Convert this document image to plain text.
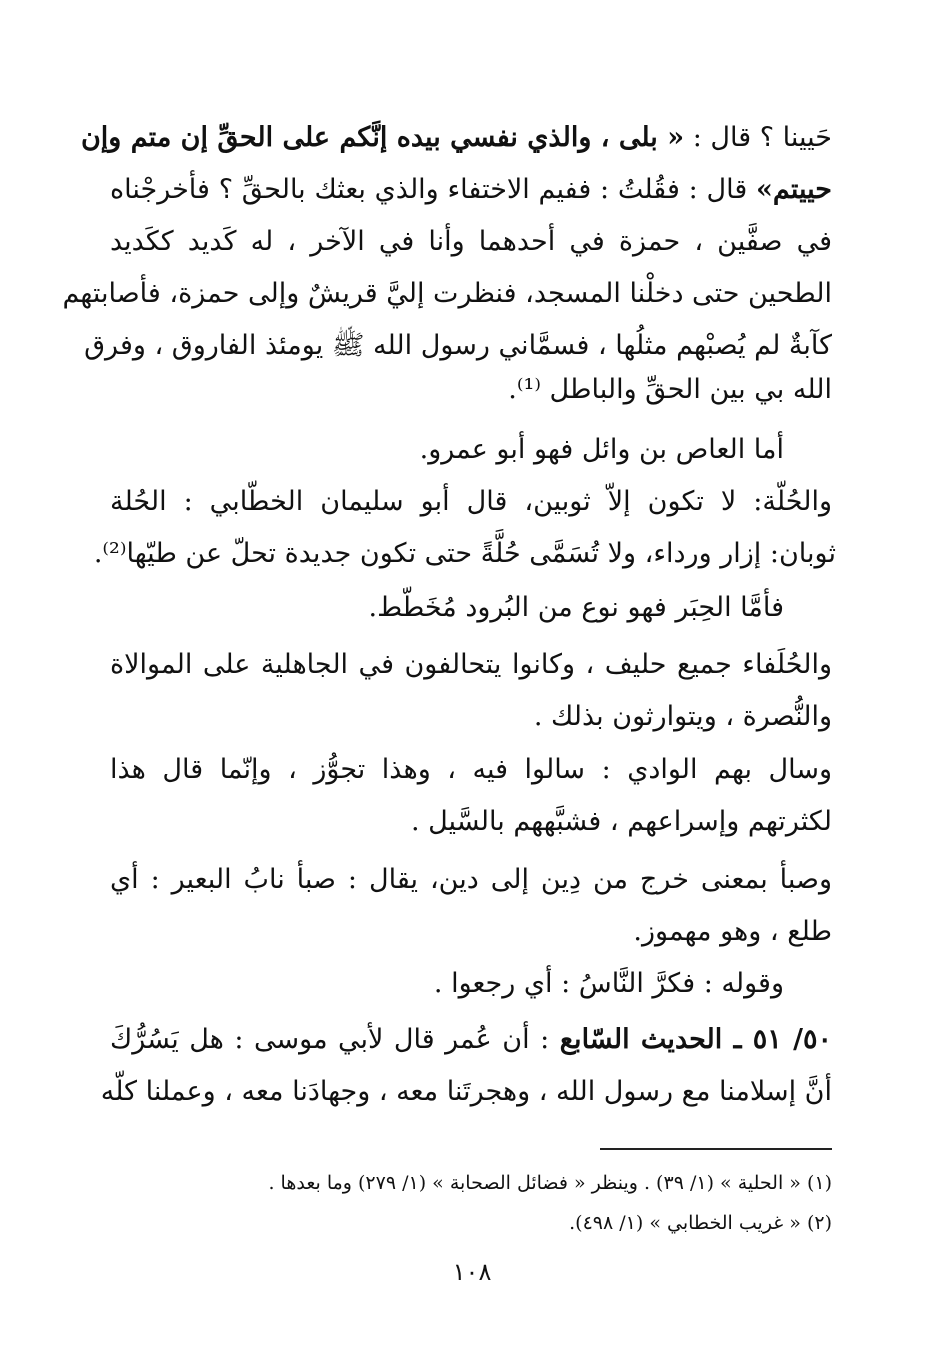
حَيينا ؟ قال : « بلى ، والذي نفسي بيده إنَّكم على الحقِّ إن متم وإن
حييتم» قال : فقُلتُ : ففيم الاختفاء والذي بعثك بالحقِّ ؟ فأخرجْناه
في صفَّين ، حمزة في أحدهما وأنا في الآخر ، له كَديد ككَديد
الطحين حتى دخلْنا المسجد، فنظرت إليَّ قريشٌ وإلى حمزة، فأصابتهم
كآبةٌ لم يُصبْهم مثلُها ، فسمَّاني رسول الله ﷺ يومئذ الفاروق ، وفرق
الله بي بين الحقِّ والباطل ⁽¹⁾.
أما العاص بن وائل فهو أبو عمرو.
والحُلّة: لا تكون إلاّ ثوبين، قال أبو سليمان الخطّابي : الحُلة
ثوبان: إزار ورداء، ولا تُسَمَّى حُلَّةً حتى تكون جديدة تحلّ عن طيّها⁽²⁾.
فأمَّا الحِبَر فهو نوع من البُرود مُخَطّط.
والحُلَفاء جميع حليف ، وكانوا يتحالفون في الجاهلية على الموالاة
والنُّصرة ، ويتوارثون بذلك .
وسال بهم الوادي : سالوا فيه ، وهذا تجوُّز ، وإنّما قال هذا
لكثرتهم وإسراعهم ، فشبَّههم بالسَّيل .
وصبأ بمعنى خرج من دِين إلى دين، يقال : صبأ نابُ البعير : أي
طلع ، وهو مهموز.
وقوله : فكرَّ النَّاسُ : أي رجعوا .
٥٠/ ٥١ ـ الحديث السّابع : أن عُمر قال لأبي موسى : هل يَسُرُّكَ
أنَّ إسلامنا مع رسول الله ، وهجرتَنا معه ، وجهادَنا معه ، وعملنا كلّه
(١) « الحلية » (١/ ٣٩) . وينظر « فضائل الصحابة » (١/ ٢٧٩) وما بعدها .
(٢) « غريب الخطابي » (١/ ٤٩٨).
١٠٨
